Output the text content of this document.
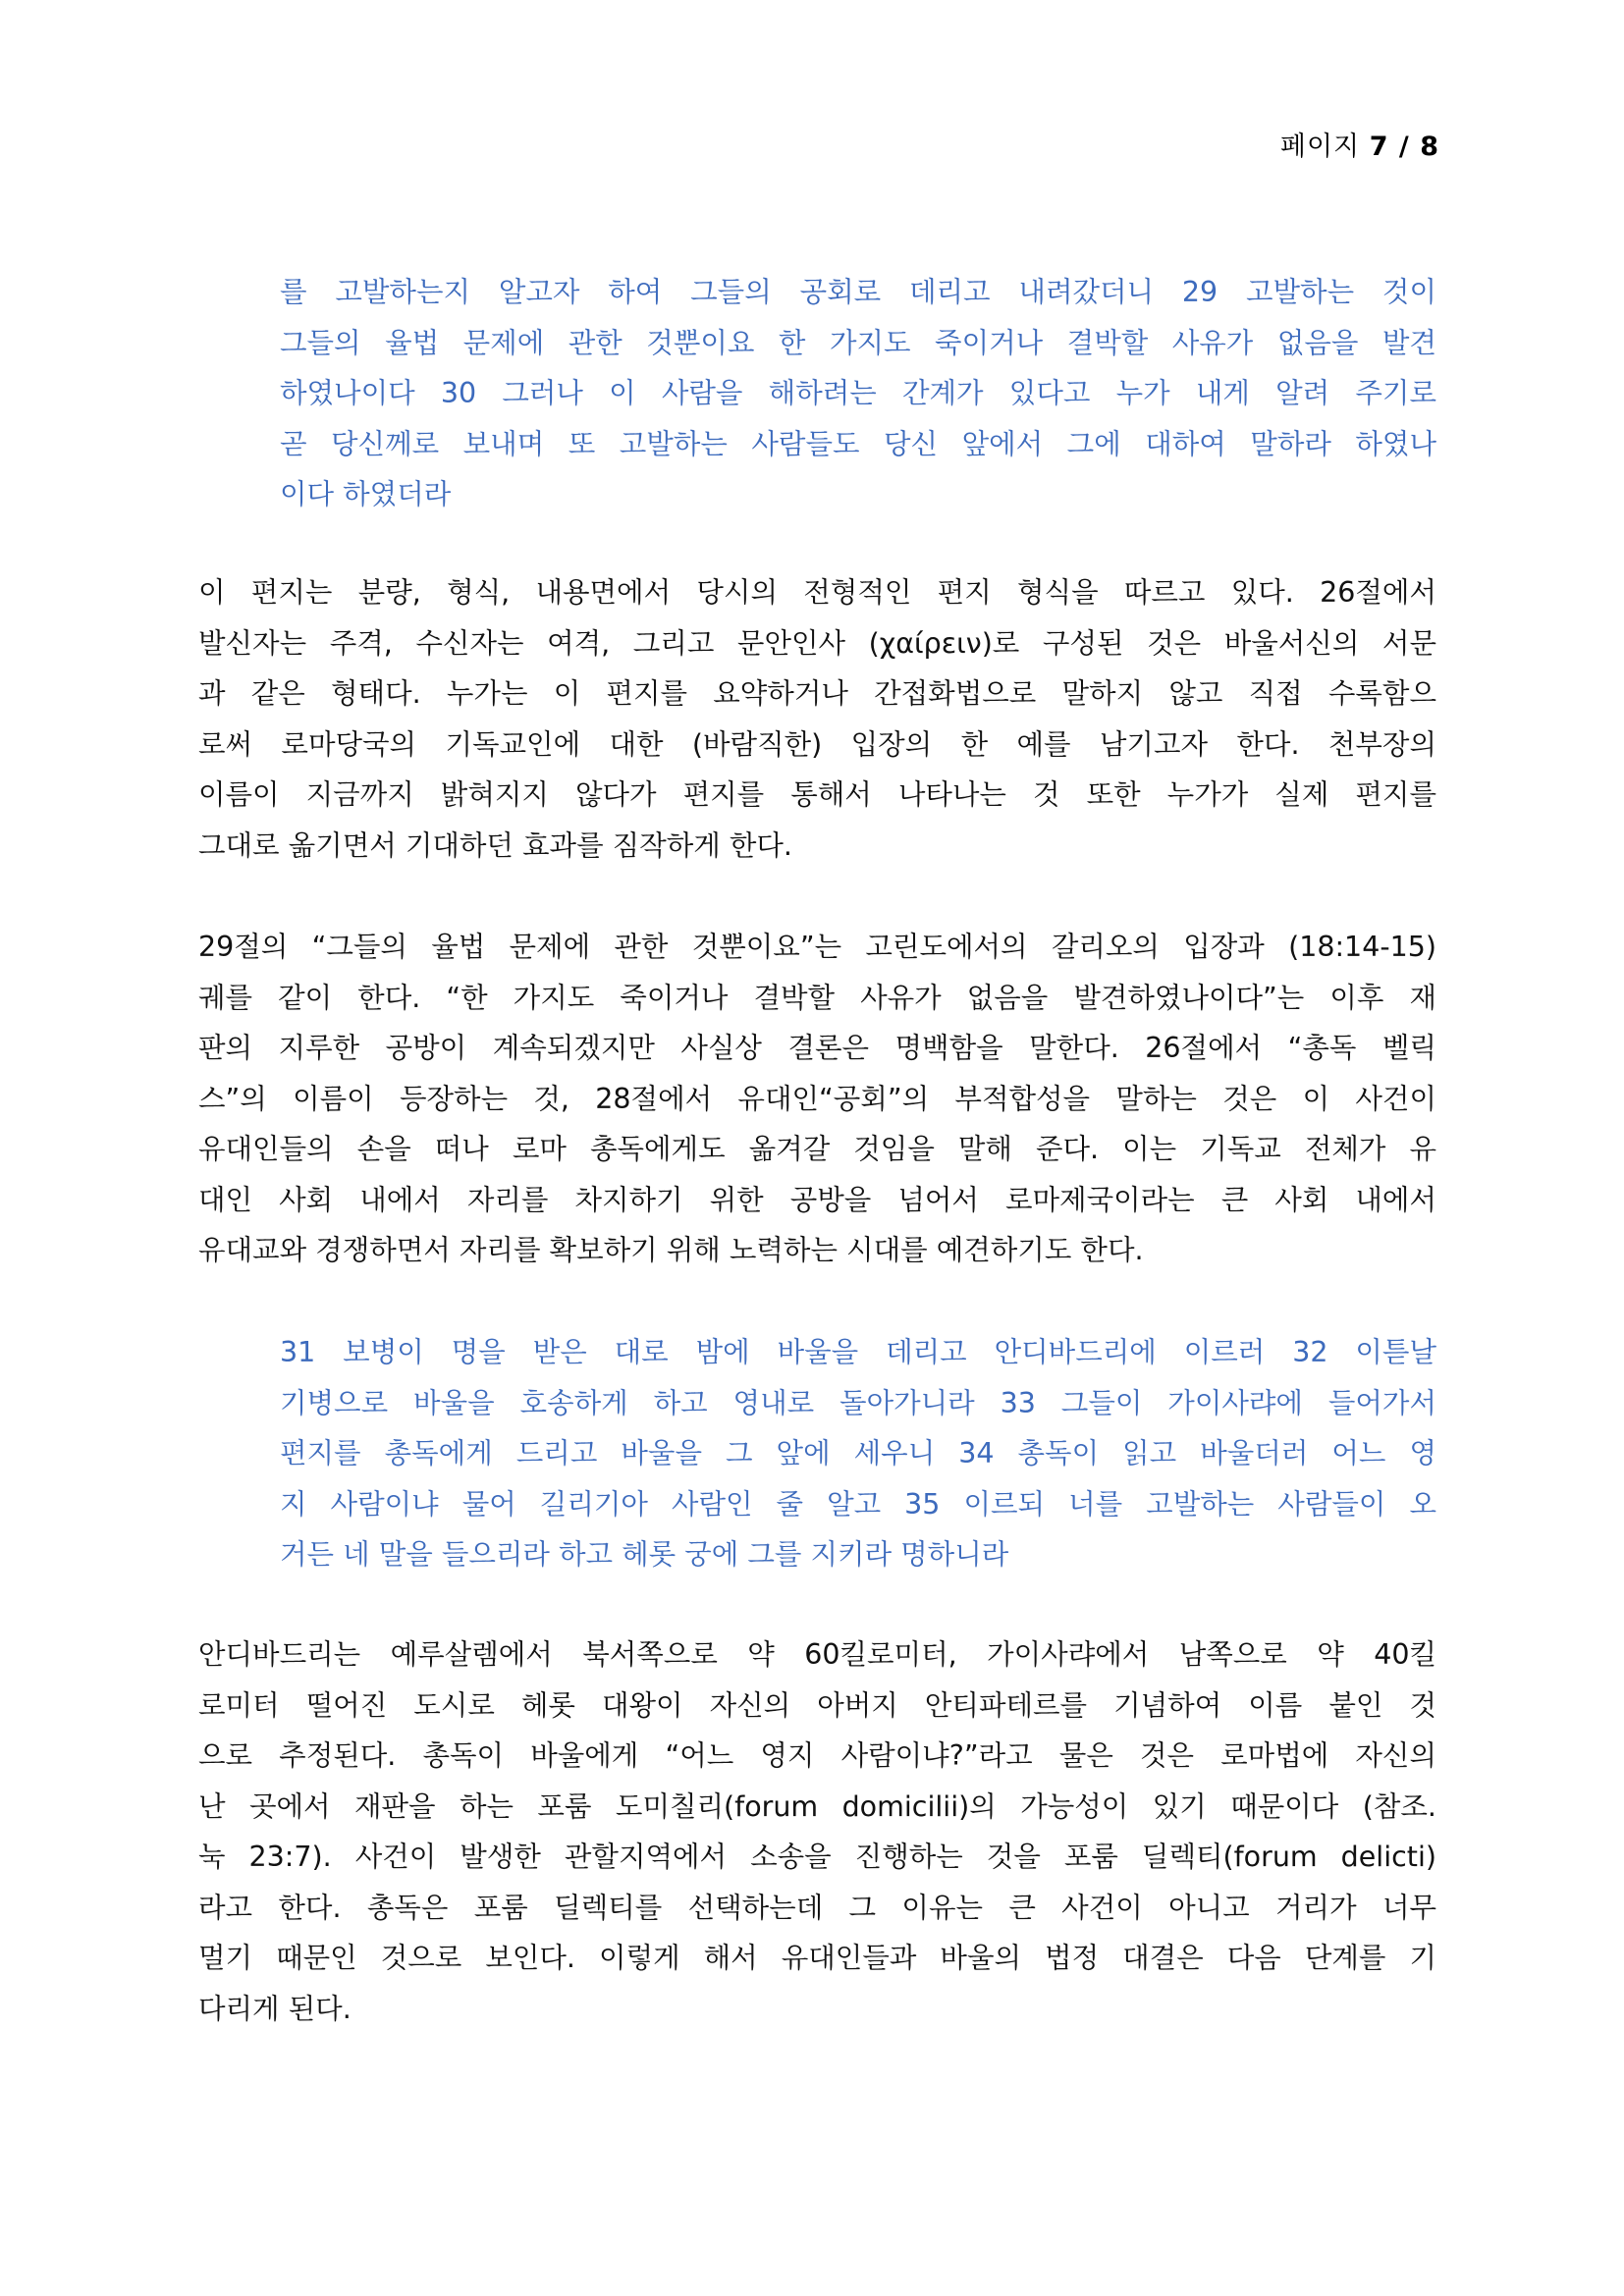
페이지 7 / 8
를 고발하는지 알고자 하여 그들의 공회로 데리고 내려갔더니 29 고발하는 것이
그들의 율법 문제에 관한 것뿐이요 한 가지도 죽이거나 결박할 사유가 없음을 발견
하였나이다 30 그러나 이 사람을 해하려는 간계가 있다고 누가 내게 알려 주기로
곧 당신께로 보내며 또 고발하는 사람들도 당신 앞에서 그에 대하여 말하라 하였나
이다 하였더라
이 편지는 분량, 형식, 내용면에서 당시의 전형적인 편지 형식을 따르고 있다. 26절에서
발신자는 주격, 수신자는 여격, 그리고 문안인사 (χαίρειν)로 구성된 것은 바울서신의 서문
과 같은 형태다. 누가는 이 편지를 요약하거나 간접화법으로 말하지 않고 직접 수록함으
로써 로마당국의 기독교인에 대한 (바람직한) 입장의 한 예를 남기고자 한다. 천부장의
이름이 지금까지 밝혀지지 않다가 편지를 통해서 나타나는 것 또한 누가가 실제 편지를
그대로 옮기면서 기대하던 효과를 짐작하게 한다.
29절의 “그들의 율법 문제에 관한 것뿐이요”는 고린도에서의 갈리오의 입장과 (18:14-15)
궤를 같이 한다. “한 가지도 죽이거나 결박할 사유가 없음을 발견하였나이다”는 이후 재
판의 지루한 공방이 계속되겠지만 사실상 결론은 명백함을 말한다. 26절에서 “총독 벨릭
스”의 이름이 등장하는 것, 28절에서 유대인“공회”의 부적합성을 말하는 것은 이 사건이
유대인들의 손을 떠나 로마 총독에게도 옮겨갈 것임을 말해 준다. 이는 기독교 전체가 유
대인 사회 내에서 자리를 차지하기 위한 공방을 넘어서 로마제국이라는 큰 사회 내에서
유대교와 경쟁하면서 자리를 확보하기 위해 노력하는 시대를 예견하기도 한다.
31 보병이 명을 받은 대로 밤에 바울을 데리고 안디바드리에 이르러 32 이튿날
기병으로 바울을 호송하게 하고 영내로 돌아가니라 33 그들이 가이사랴에 들어가서
편지를 총독에게 드리고 바울을 그 앞에 세우니 34 총독이 읽고 바울더러 어느 영
지 사람이냐 물어 길리기아 사람인 줄 알고 35 이르되 너를 고발하는 사람들이 오
거든 네 말을 들으리라 하고 헤롯 궁에 그를 지키라 명하니라
안디바드리는 예루살렘에서 북서쪽으로 약 60킬로미터, 가이사랴에서 남쪽으로 약 40킬
로미터 떨어진 도시로 헤롯 대왕이 자신의 아버지 안티파테르를 기념하여 이름 붙인 것
으로 추정된다. 총독이 바울에게 “어느 영지 사람이냐?”라고 물은 것은 로마법에 자신의
난 곳에서 재판을 하는 포룸 도미칠리(forum domicilii)의 가능성이 있기 때문이다 (참조.
눅 23:7). 사건이 발생한 관할지역에서 소송을 진행하는 것을 포룸 딜렉티(forum delicti)
라고 한다. 총독은 포룸 딜렉티를 선택하는데 그 이유는 큰 사건이 아니고 거리가 너무
멀기 때문인 것으로 보인다. 이렇게 해서 유대인들과 바울의 법정 대결은 다음 단계를 기
다리게 된다.
